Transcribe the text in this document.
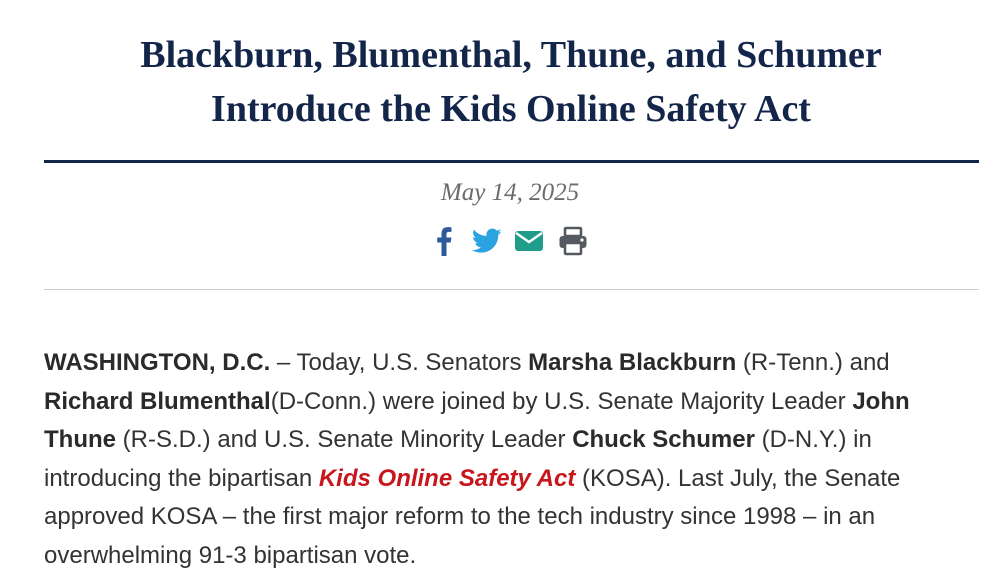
Blackburn, Blumenthal, Thune, and Schumer
Introduce the Kids Online Safety Act
May 14, 2025

WASHINGTON, D.C. – Today, U.S. Senators Marsha Blackburn (R-Tenn.) and Richard Blumenthal(D-Conn.) were joined by U.S. Senate Majority Leader John Thune (R-S.D.) and U.S. Senate Minority Leader Chuck Schumer (D-N.Y.) in introducing the bipartisan Kids Online Safety Act (KOSA). Last July, the Senate approved KOSA – the first major reform to the tech industry since 1998 – in an overwhelming 91-3 bipartisan vote.
